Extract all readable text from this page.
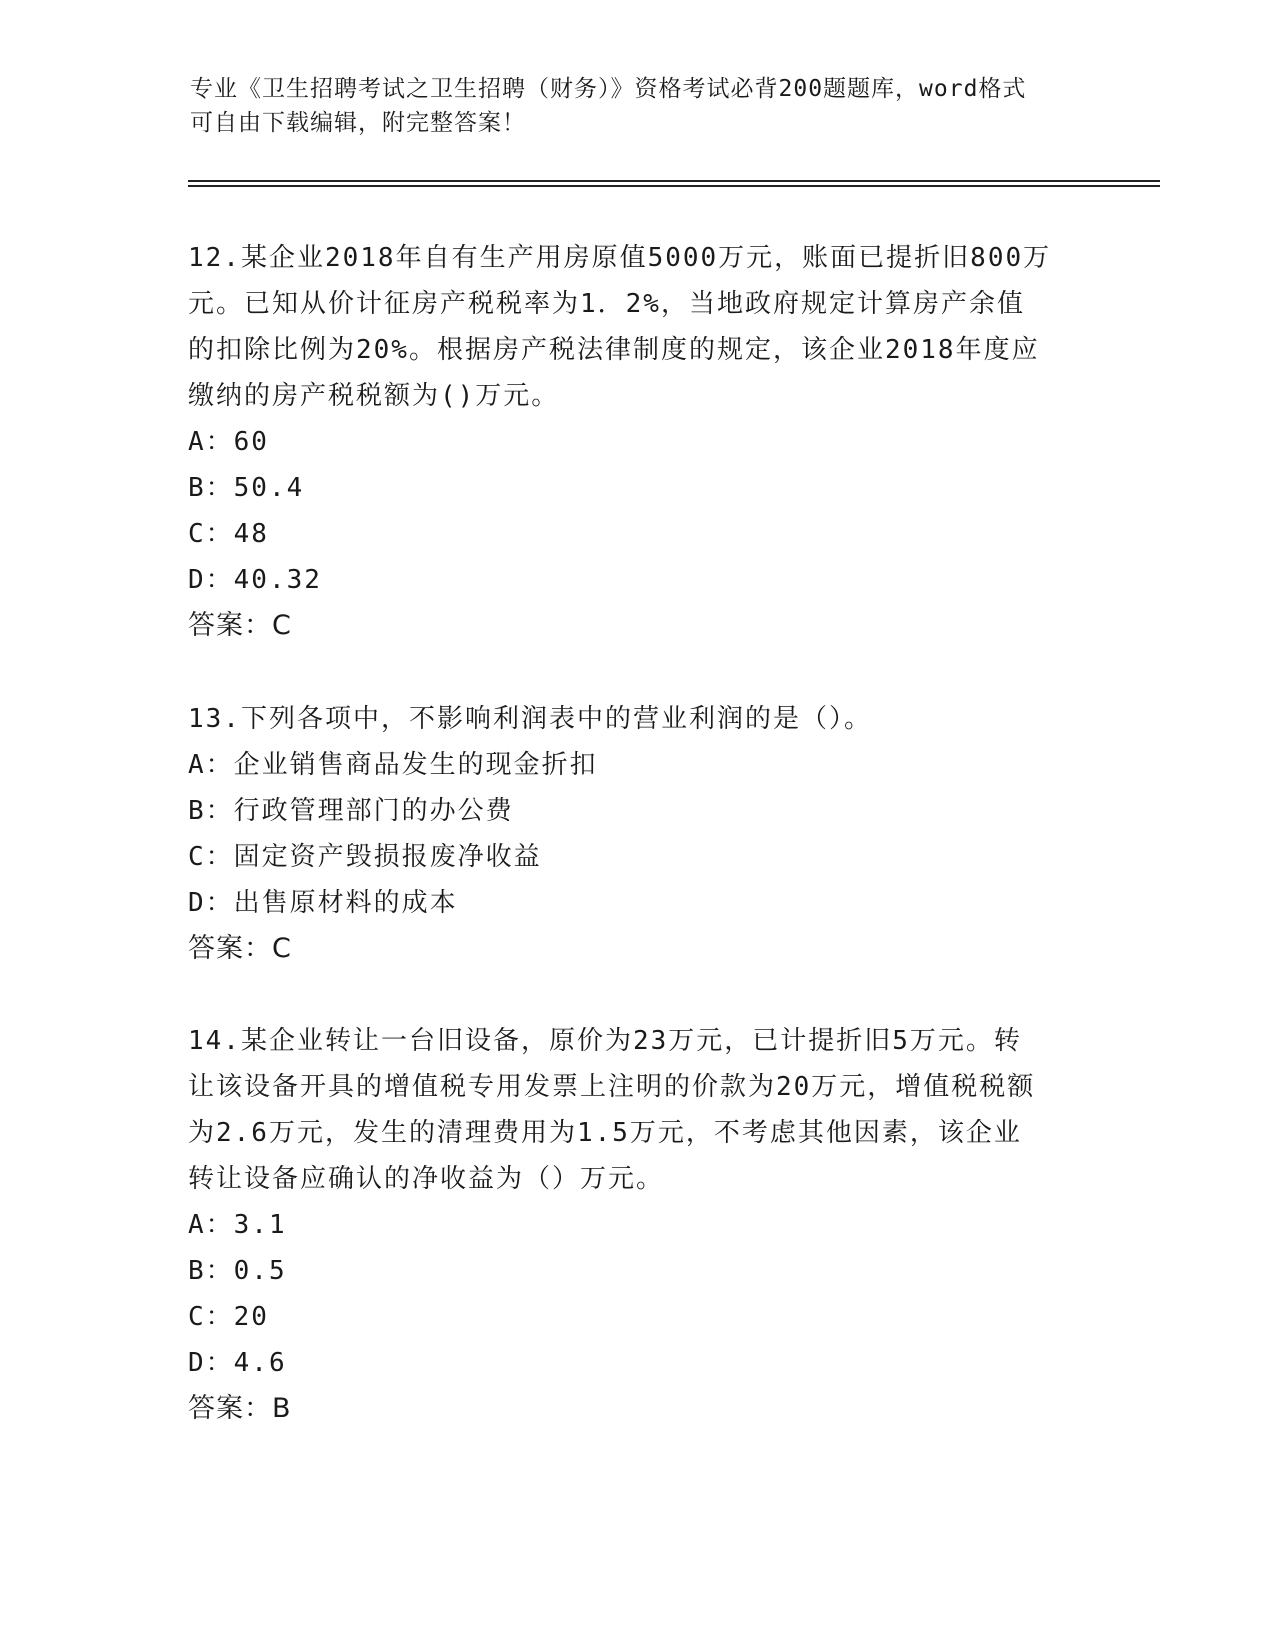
专业《卫生招聘考试之卫生招聘（财务）》资格考试必背200题题库，word格式
可自由下载编辑，附完整答案！
12.某企业2018年自有生产用房原值5000万元，账面已提折旧800万
元。已知从价计征房产税税率为1．2%，当地政府规定计算房产余值
的扣除比例为20%。根据房产税法律制度的规定，该企业2018年度应
缴纳的房产税税额为()万元。
A：60
B：50.4
C：48
D：40.32
答案：C
13.下列各项中，不影响利润表中的营业利润的是（）。
A：企业销售商品发生的现金折扣
B：行政管理部门的办公费
C：固定资产毁损报废净收益
D：出售原材料的成本
答案：C
14.某企业转让一台旧设备，原价为23万元，已计提折旧5万元。转
让该设备开具的增值税专用发票上注明的价款为20万元，增值税税额
为2.6万元，发生的清理费用为1.5万元，不考虑其他因素，该企业
转让设备应确认的净收益为（）万元。
A：3.1
B：0.5
C：20
D：4.6
答案：B
